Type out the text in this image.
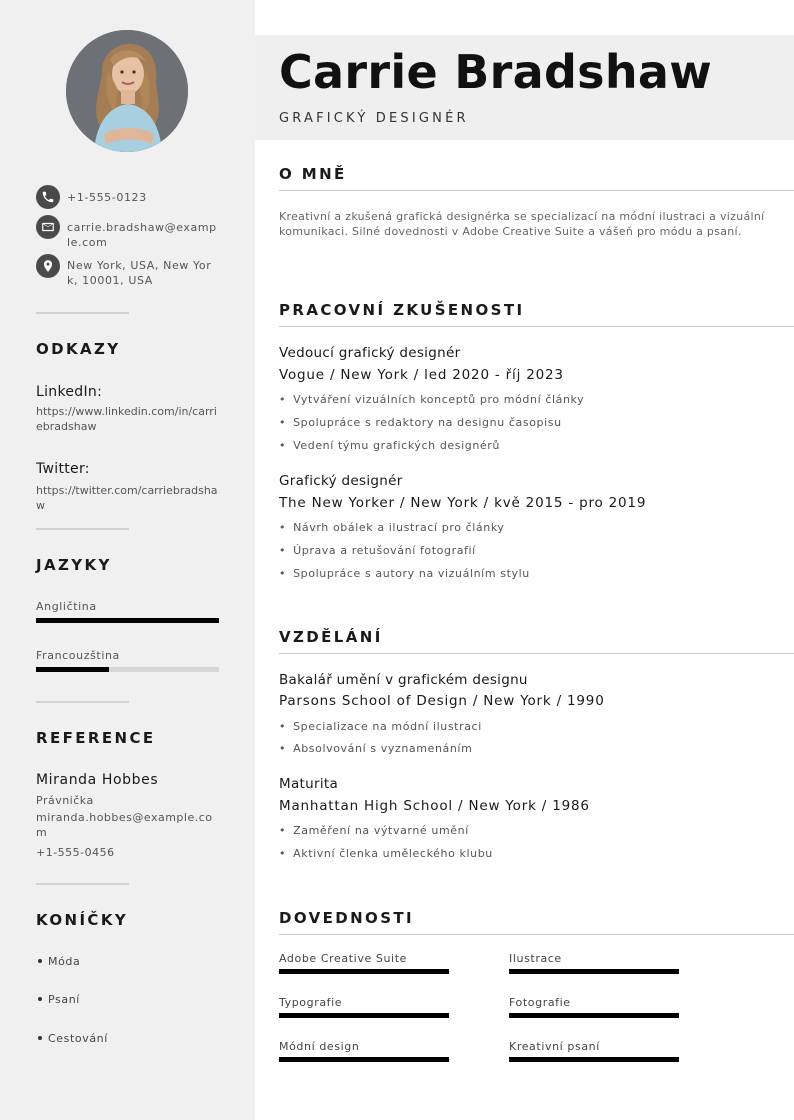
+1-555-0123
carrie.bradshaw@example.com
New York, USA, New York, 10001, USA
ODKAZY
LinkedIn:
https://www.linkedin.com/in/carriebradshaw
Twitter:
https://twitter.com/carriebradshaw
JAZYKY
Angličtina
Francouzština
REFERENCE
Miranda Hobbes
Právnička
miranda.hobbes@example.com
+1-555-0456
KONÍČKY
Móda
Psaní
Cestování
Carrie Bradshaw
GRAFICKÝ DESIGNÉR
O MNĚ
Kreativní a zkušená grafická designérka se specializací na módní ilustraci a vizuální komunikaci. Silné dovednosti v Adobe Creative Suite a vášeň pro módu a psaní.
PRACOVNÍ ZKUŠENOSTI
Vedoucí grafický designér
Vogue / New York / led 2020 - říj 2023
• Vytváření vizuálních konceptů pro módní články
• Spolupráce s redaktory na designu časopisu
• Vedení týmu grafických designérů
Grafický designér
The New Yorker / New York / kvě 2015 - pro 2019
• Návrh obálek a ilustrací pro články
• Úprava a retušování fotografií
• Spolupráce s autory na vizuálním stylu
VZDĚLÁNÍ
Bakalář umění v grafickém designu
Parsons School of Design / New York / 1990
• Specializace na módní ilustraci
• Absolvování s vyznamenáním
Maturita
Manhattan High School / New York / 1986
• Zaměření na výtvarné umění
• Aktivní členka uměleckého klubu
DOVEDNOSTI
Adobe Creative Suite	Ilustrace
Typografie	Fotografie
Módní design	Kreativní psaní
